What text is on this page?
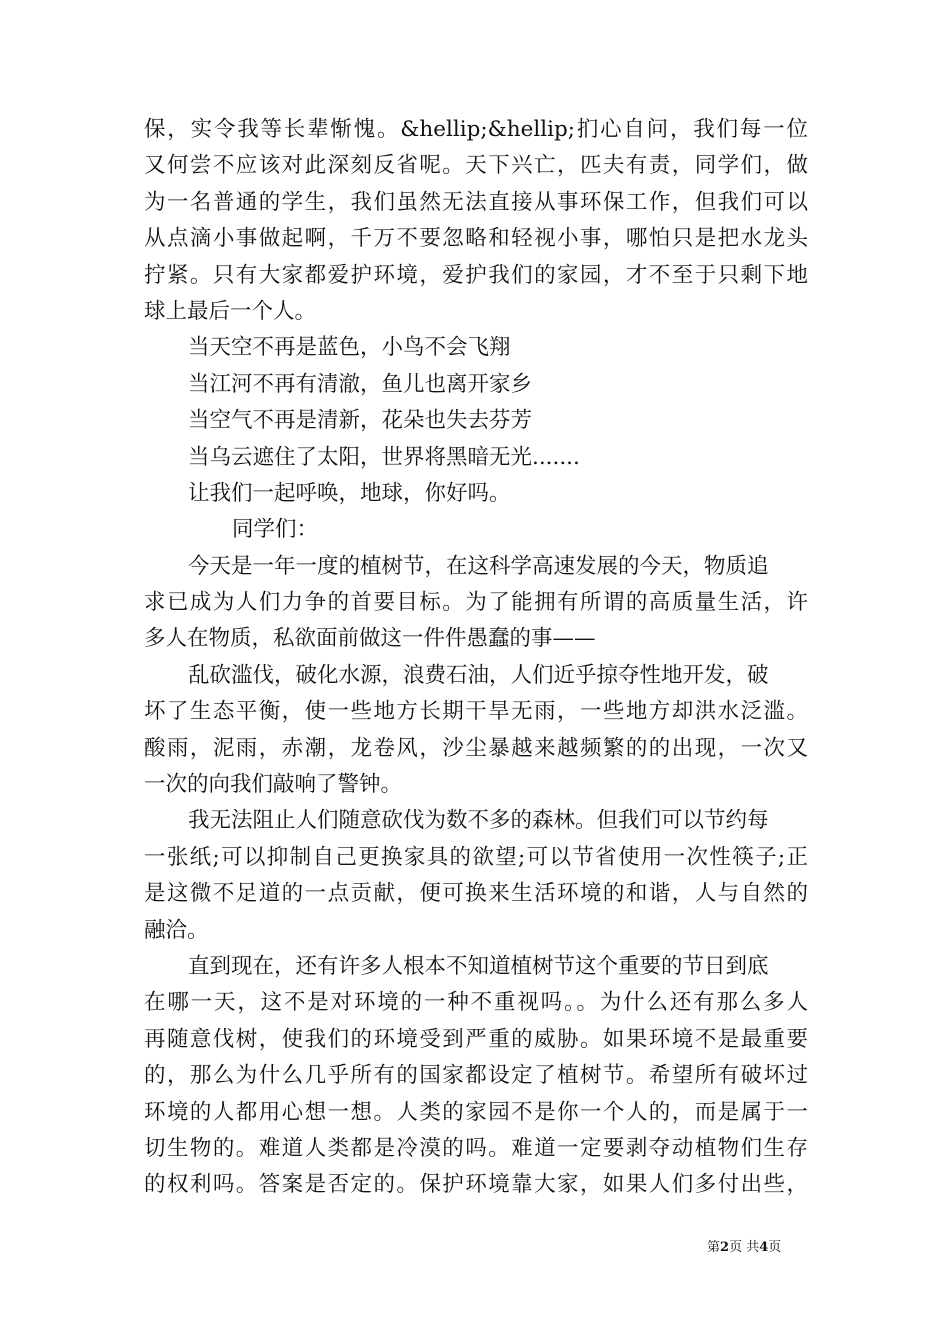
保，实令我等长辈惭愧。&hellip;&hellip;扪心自问，我们每一位
又何尝不应该对此深刻反省呢。天下兴亡，匹夫有责，同学们，做
为一名普通的学生，我们虽然无法直接从事环保工作，但我们可以
从点滴小事做起啊，千万不要忽略和轻视小事，哪怕只是把水龙头
拧紧。只有大家都爱护环境，爱护我们的家园，才不至于只剩下地
球上最后一个人。
当天空不再是蓝色，小鸟不会飞翔
当江河不再有清澈，鱼儿也离开家乡
当空气不再是清新，花朵也失去芬芳
当乌云遮住了太阳，世界将黑暗无光.......
让我们一起呼唤，地球，你好吗。
同学们：
今天是一年一度的植树节，在这科学高速发展的今天，物质追
求已成为人们力争的首要目标。为了能拥有所谓的高质量生活，许
多人在物质，私欲面前做这一件件愚蠢的事——
乱砍滥伐，破化水源，浪费石油，人们近乎掠夺性地开发，破
坏了生态平衡，使一些地方长期干旱无雨，一些地方却洪水泛滥。
酸雨，泥雨，赤潮，龙卷风，沙尘暴越来越频繁的的出现，一次又
一次的向我们敲响了警钟。
我无法阻止人们随意砍伐为数不多的森林。但我们可以节约每
一张纸;可以抑制自己更换家具的欲望;可以节省使用一次性筷子;正
是这微不足道的一点贡献，便可换来生活环境的和谐，人与自然的
融洽。
直到现在，还有许多人根本不知道植树节这个重要的节日到底
在哪一天，这不是对环境的一种不重视吗。。为什么还有那么多人
再随意伐树，使我们的环境受到严重的威胁。如果环境不是最重要
的，那么为什么几乎所有的国家都设定了植树节。希望所有破坏过
环境的人都用心想一想。人类的家园不是你一个人的，而是属于一
切生物的。难道人类都是冷漠的吗。难道一定要剥夺动植物们生存
的权利吗。答案是否定的。保护环境靠大家，如果人们多付出些，
第2页 共4页
